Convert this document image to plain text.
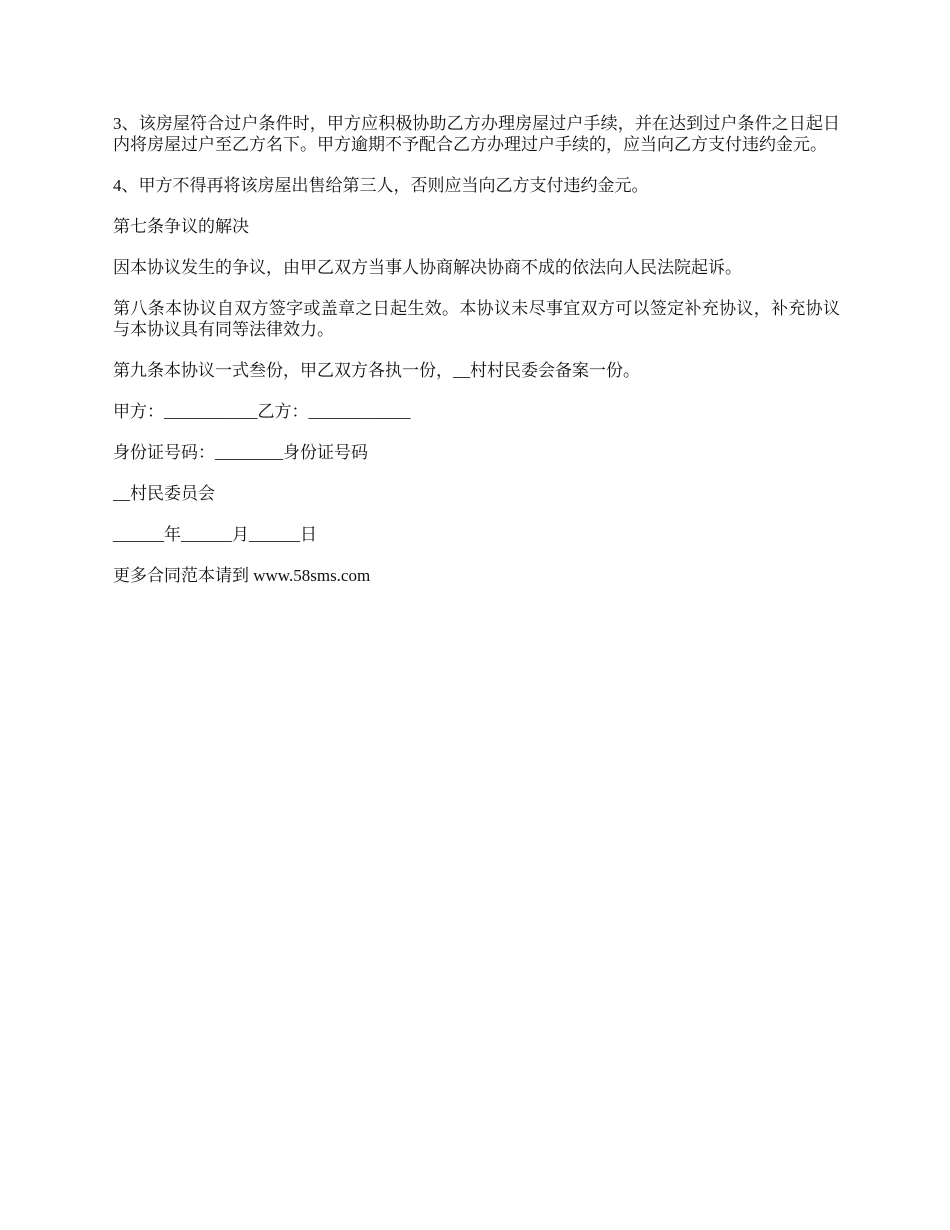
3、该房屋符合过户条件时，甲方应积极协助乙方办理房屋过户手续，并在达到过户条件之日起日内将房屋过户至乙方名下。甲方逾期不予配合乙方办理过户手续的，应当向乙方支付违约金元。

4、甲方不得再将该房屋出售给第三人，否则应当向乙方支付违约金元。

第七条争议的解决

因本协议发生的争议，由甲乙双方当事人协商解决协商不成的依法向人民法院起诉。

第八条本协议自双方签字或盖章之日起生效。本协议未尽事宜双方可以签定补充协议，补充协议与本协议具有同等法律效力。

第九条本协议一式叁份，甲乙双方各执一份，__村村民委会备案一份。

甲方：___________乙方：____________

身份证号码：________身份证号码

__村民委员会

______年______月______日

更多合同范本请到 www.58sms.com
